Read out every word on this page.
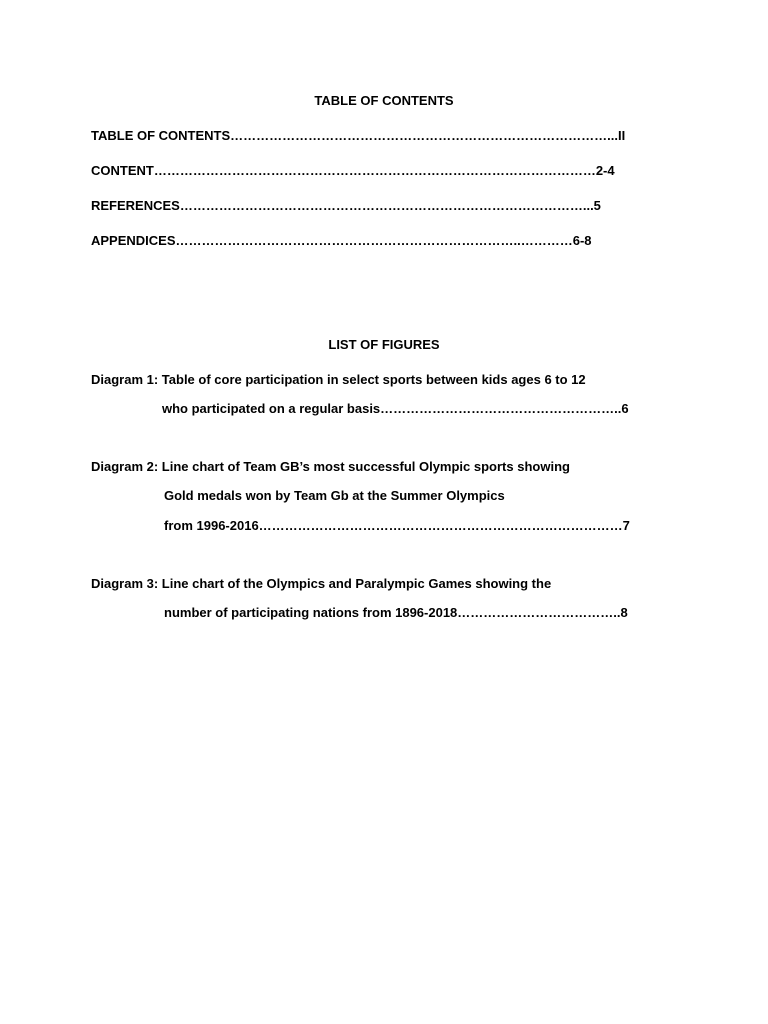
TABLE OF CONTENTS
TABLE OF CONTENTS……………………………………………………………………………...II
CONTENT…………………………………………………………………………………………2-4
REFERENCES…………………………………………………………………………………...5
APPENDICES……………………………………………………………………..…………6-8
LIST OF FIGURES
Diagram 1: Table of core participation in select sports between kids ages 6 to 12
who participated on a regular basis………………………………………………..6
Diagram 2: Line chart of Team GB’s most successful Olympic sports showing
Gold medals won by Team Gb at the Summer Olympics
from 1996-2016…………………………………………………………………………7
Diagram 3: Line chart of the Olympics and Paralympic Games showing the
number of participating nations from 1896-2018………………………………..8
